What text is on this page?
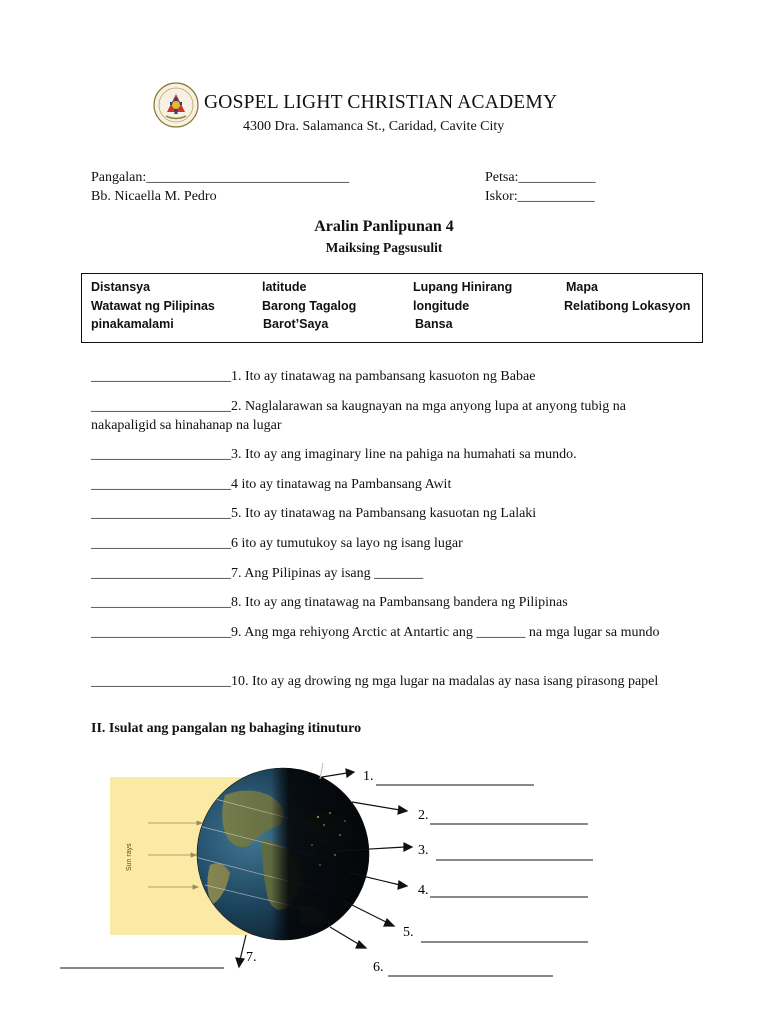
GOSPEL LIGHT CHRISTIAN ACADEMY
4300 Dra. Salamanca St., Caridad, Cavite City
Pangalan:_____________________________	Petsa:___________
Bb. Nicaella M. Pedro	Iskor:___________
Aralin Panlipunan 4
Maiksing Pagsusulit
Distansya	latitude	Lupang Hinirang	Mapa
Watawat ng Pilipinas	Barong Tagalog	longitude	Relatibong Lokasyon
pinakamalami	Barot’Saya	Bansa
____________________1. Ito ay tinatawag na pambansang kasuoton ng Babae
____________________2. Naglalarawan sa kaugnayan na mga anyong lupa at anyong tubig na nakapaligid sa hinahanap na lugar
____________________3. Ito ay ang imaginary line na pahiga na humahati sa mundo.
____________________4 ito ay tinatawag na Pambansang Awit
____________________5. Ito ay tinatawag na Pambansang kasuotan ng Lalaki
____________________6 ito ay tumutukoy sa layo ng isang lugar
____________________7. Ang Pilipinas ay isang _______
____________________8. Ito ay ang tinatawag na Pambansang bandera ng Pilipinas
____________________9. Ang mga rehiyong Arctic at Antartic ang _______ na mga lugar sa mundo
____________________10. Ito ay ag drowing ng mga lugar na madalas ay nasa isang pirasong papel
II. Isulat ang pangalan ng bahaging itinuturo
Sun rays
1.
2.
3.
4.
5.
6.
7.
